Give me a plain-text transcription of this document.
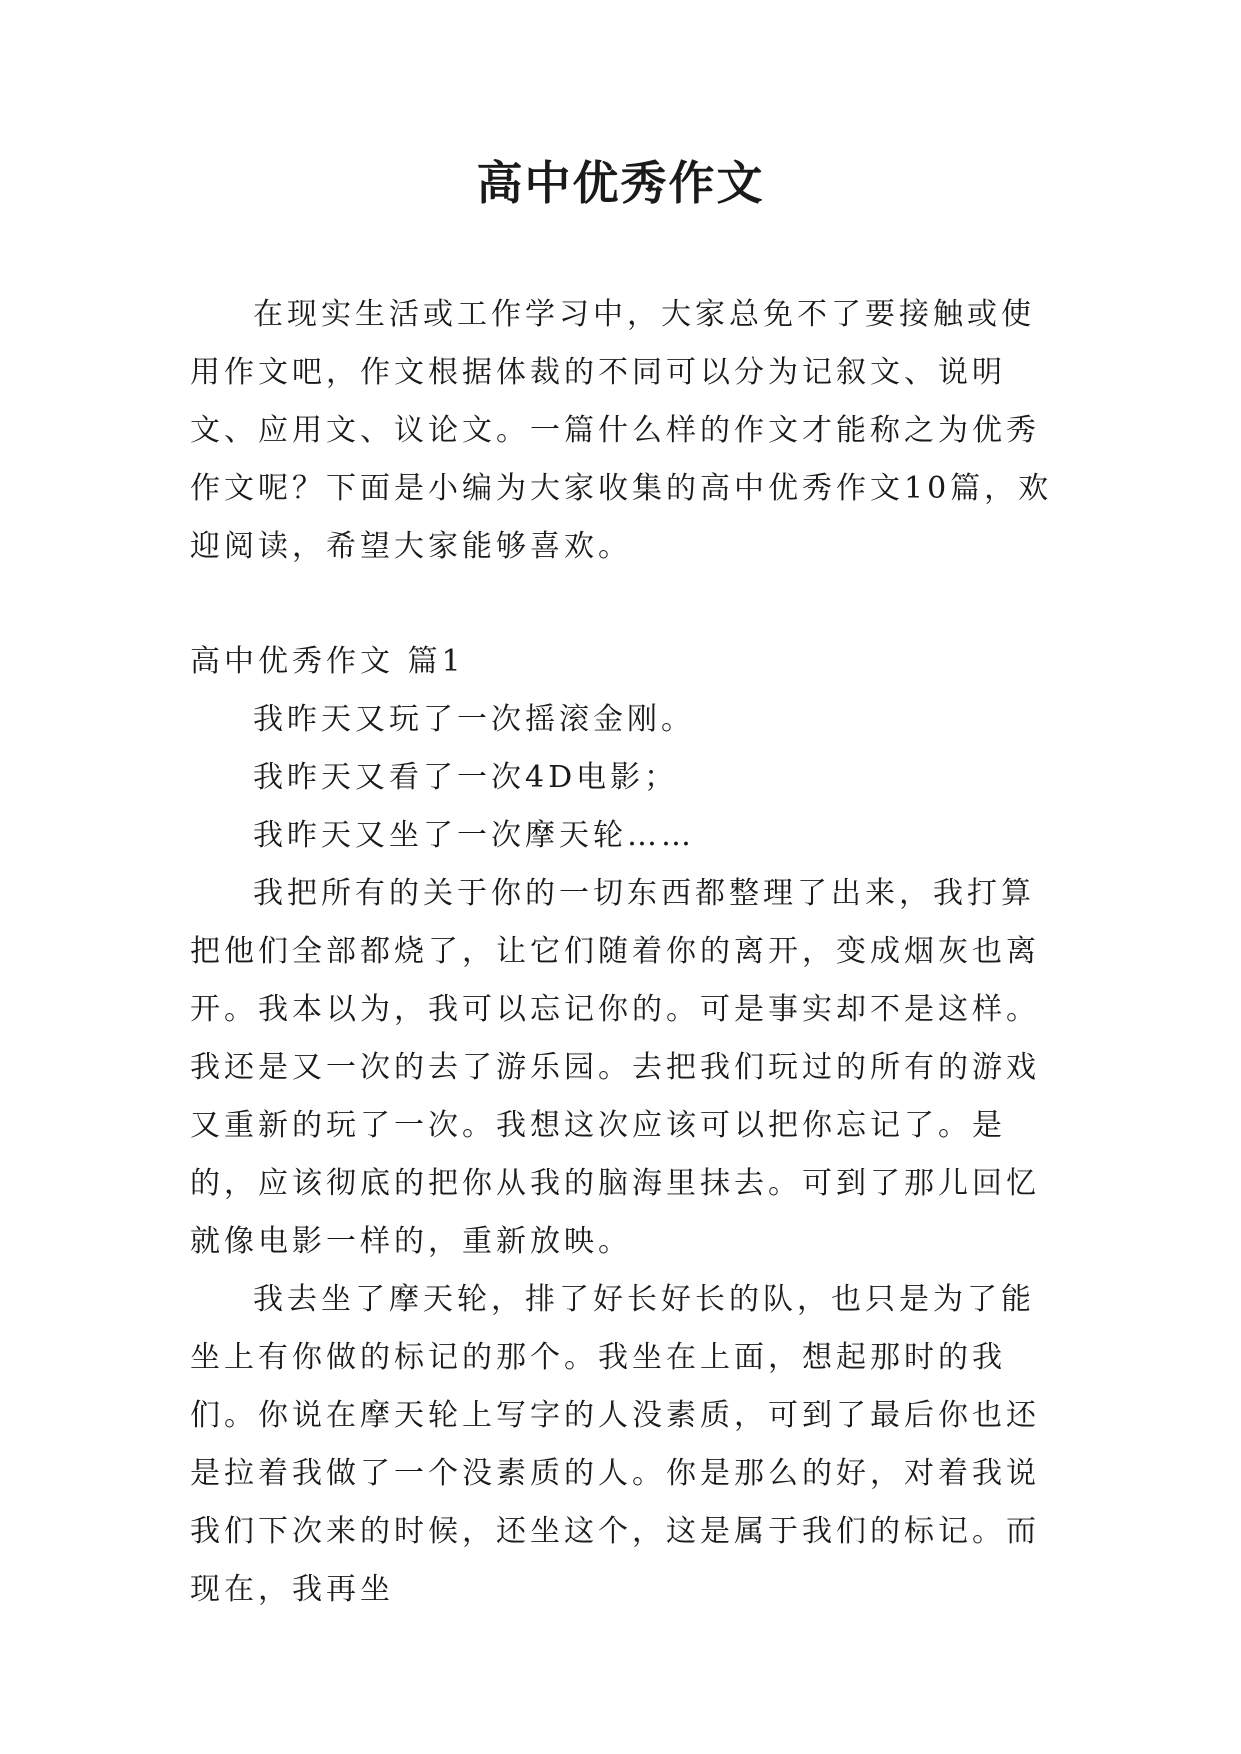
高中优秀作文

在现实生活或工作学习中，大家总免不了要接触或使用作文吧，作文根据体裁的不同可以分为记叙文、说明文、应用文、议论文。一篇什么样的作文才能称之为优秀作文呢？下面是小编为大家收集的高中优秀作文10篇，欢迎阅读，希望大家能够喜欢。

高中优秀作文 篇1

我昨天又玩了一次摇滚金刚。

我昨天又看了一次4D电影；

我昨天又坐了一次摩天轮……

我把所有的关于你的一切东西都整理了出来，我打算把他们全部都烧了，让它们随着你的离开，变成烟灰也离开。我本以为，我可以忘记你的。可是事实却不是这样。我还是又一次的去了游乐园。去把我们玩过的所有的游戏又重新的玩了一次。我想这次应该可以把你忘记了。是的，应该彻底的把你从我的脑海里抹去。可到了那儿回忆就像电影一样的，重新放映。

我去坐了摩天轮，排了好长好长的队，也只是为了能坐上有你做的标记的那个。我坐在上面，想起那时的我们。你说在摩天轮上写字的人没素质，可到了最后你也还是拉着我做了一个没素质的人。你是那么的好，对着我说我们下次来的时候，还坐这个，这是属于我们的标记。而现在，我再坐
